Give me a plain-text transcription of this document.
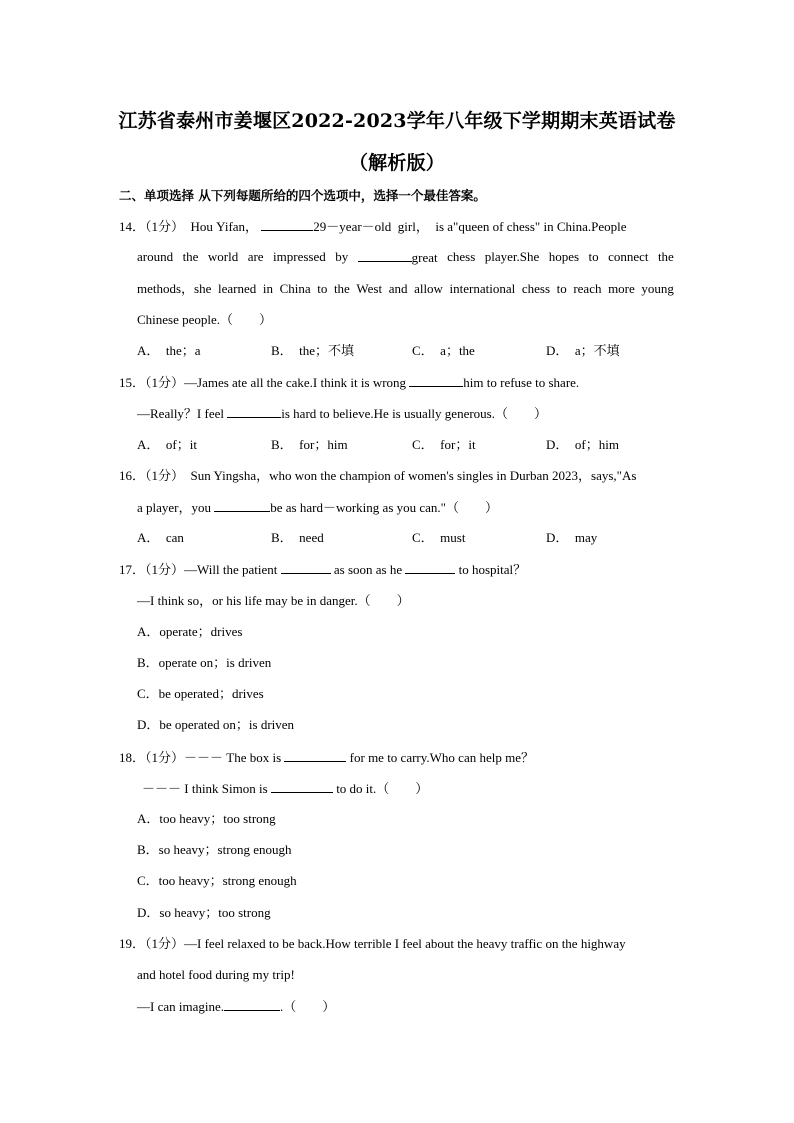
江苏省泰州市姜堰区2022-2023学年八年级下学期期末英语试卷
（解析版）
二、单项选择 从下列每题所给的四个选项中，选择一个最佳答案。
14．（1分） Hou Yifan，	29－year－old girl， is a"queen of chess" in China.People
around the world are impressed by	great chess player.She hopes to connect the
methods，she learned in China to the West and allow international chess to reach more young
Chinese people.（　　）
A．　the；a	B．　the；不填	C．　a；the	D．　a；不填
15．（1分）—James ate all the cake.I think it is wrong	him to refuse to share.
—Really？I feel	is hard to believe.He is usually generous.（　　）
A．　of；it	B．　for；him	C．　for；it	D．　of；him
16．（1分） Sun Yingsha，who won the champion of women's singles in Durban 2023，says,"As
a player，you	be as hard－working as you can."（　　）
A．　can	B．　need	C．　must	D．　may
17．（1分）—Will the patient	as soon as he	to hospital？
—I think so，or his life may be in danger.（　　）
A．operate；drives
B．operate on；is driven
C．be operated；drives
D．be operated on；is driven
18．（1分）－－－ The box is	for me to carry.Who can help me？
－－－ I think Simon is	to do it.（　　）
A．too heavy；too strong
B．so heavy；strong enough
C．too heavy；strong enough
D．so heavy；too strong
19．（1分）—I feel relaxed to be back.How terrible I feel about the heavy traffic on the highway
and hotel food during my trip!
—I can imagine.	.（　　）
